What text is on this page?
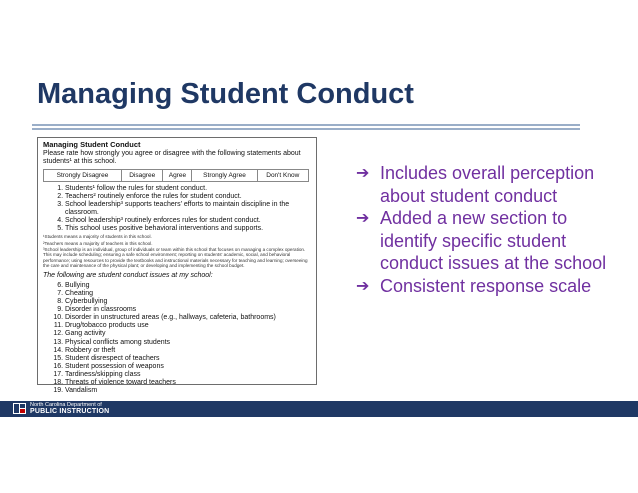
Managing Student Conduct
Managing Student Conduct

Please rate how strongly you agree or disagree with the following statements about students¹ at this school.

Strongly Disagree	Disagree	Agree	Strongly Agree	Don't Know
1. Students¹ follow the rules for student conduct.
2. Teachers² routinely enforce the rules for student conduct.
3. School leadership³ supports teachers' efforts to maintain discipline in the classroom.
4. School leadership³ routinely enforces rules for student conduct.
5. This school uses positive behavioral interventions and supports.
¹Students means a majority of students in this school.
²Teachers means a majority of teachers in this school.
³School leadership is an individual, group of individuals or team within this school that focuses on managing a complex operation. This may include scheduling; ensuring a safe school environment; reporting on students' academic, social, and behavioral performance; using resources to provide the textbooks and instructional materials necessary for teaching and learning; overseeing the care and maintenance of the physical plant; or developing and implementing the school budget.
The following are student conduct issues at my school:
6. Bullying
7. Cheating
8. Cyberbullying
9. Disorder in classrooms
10. Disorder in unstructured areas (e.g., hallways, cafeteria, bathrooms)
11. Drug/tobacco products use
12. Gang activity
13. Physical conflicts among students
14. Robbery or theft
15. Student disrespect of teachers
16. Student possession of weapons
17. Tardiness/skipping class
18. Threats of violence toward teachers
19. Vandalism
➔ Includes overall perception about student conduct
➔ Added a new section to identify specific student conduct issues at the school
➔ Consistent response scale
North Carolina Department of
PUBLIC INSTRUCTION
